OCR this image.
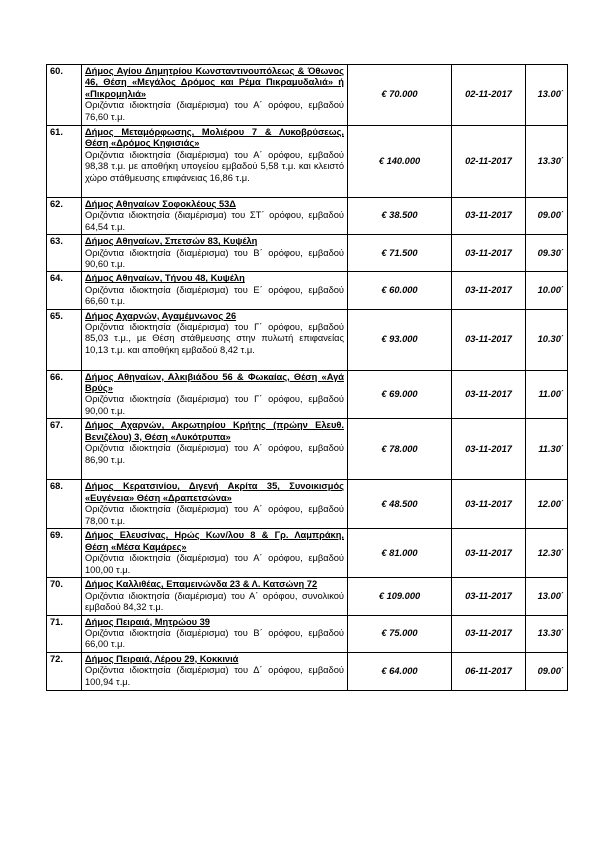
60.	Δήμος Αγίου Δημητρίου Κωνσταντινουπόλεως & Όθωνος 46, Θέση «Μεγάλος Δρόμος και Ρέμα Πικραμυδαλιά» ή «Πικρομηλιά»
Οριζόντια ιδιοκτησία (διαμέρισμα) του Α΄ ορόφου, εμβαδού 76,60 τ.μ.	€ 70.000	02-11-2017	13.00΄
61.	Δήμος Μεταμόρφωσης, Μολιέρου 7 & Λυκοβρύσεως, Θέση «Δρόμος Κηφισιάς»
Οριζόντια ιδιοκτησία (διαμέρισμα) του Α΄ ορόφου, εμβαδού 98,38 τ.μ. με αποθήκη υπογείου εμβαδού 5,58 τ.μ. και κλειστό χώρο στάθμευσης επιφάνειας 16,86 τ.μ.	€ 140.000	02-11-2017	13.30΄
62.	Δήμος Αθηναίων Σοφοκλέους 53Δ
Οριζόντια ιδιοκτησία (διαμέρισμα) του ΣΤ΄ ορόφου, εμβαδού 64,54 τ.μ.	€ 38.500	03-11-2017	09.00΄
63.	Δήμος Αθηναίων, Σπετσών 83, Κυψέλη
Οριζόντια ιδιοκτησία (διαμέρισμα) του Β΄ ορόφου, εμβαδού 90,60 τ.μ.	€ 71.500	03-11-2017	09.30΄
64.	Δήμος Αθηναίων, Τήνου 48, Κυψέλη
Οριζόντια ιδιοκτησία (διαμέρισμα) του Ε΄ ορόφου, εμβαδού 66,60 τ.μ.	€ 60.000	03-11-2017	10.00΄
65.	Δήμος Αχαρνών, Αγαμέμνωνος 26
Οριζόντια ιδιοκτησία (διαμέρισμα) του Γ΄ ορόφου, εμβαδού 85,03 τ.μ., με Θέση στάθμευσης στην πυλωτή επιφανείας 10,13 τ.μ. και αποθήκη εμβαδού 8,42 τ.μ.	€ 93.000	03-11-2017	10.30΄
66.	Δήμος Αθηναίων, Αλκιβιάδου 56 & Φωκαίας, Θέση «Αγά Βρύς»
Οριζόντια ιδιοκτησία (διαμέρισμα) του Γ΄ ορόφου, εμβαδού 90,00 τ.μ.	€ 69.000	03-11-2017	11.00΄
67.	Δήμος Αχαρνών, Ακρωτηρίου Κρήτης (πρώην Ελευθ. Βενιζέλου) 3, Θέση «Λυκότρυπα»
Οριζόντια ιδιοκτησία (διαμέρισμα) του Α΄ ορόφου, εμβαδού 86,90 τ.μ.	€ 78.000	03-11-2017	11.30΄
68.	Δήμος Κερατσινίου, Διγενή Ακρίτα 35, Συνοικισμός «Ευγένεια» Θέση «Δραπετσώνα»
Οριζόντια ιδιοκτησία (διαμέρισμα) του Α΄ ορόφου, εμβαδού 78,00 τ.μ.	€ 48.500	03-11-2017	12.00΄
69.	Δήμος Ελευσίνας, Ηρώς Κων/λου 8 & Γρ. Λαμπράκη, Θέση «Μέσα Καμάρες»
Οριζόντια ιδιοκτησία (διαμέρισμα) του Α΄ ορόφου, εμβαδού 100,00 τ.μ.	€ 81.000	03-11-2017	12.30΄
70.	Δήμος Καλλιθέας, Επαμεινώνδα 23 & Λ. Κατσώνη 72
Οριζόντια ιδιοκτησία (διαμέρισμα) του Α΄ ορόφου, συνολικού εμβαδού 84,32 τ.μ.	€ 109.000	03-11-2017	13.00΄
71.	Δήμος Πειραιά, Μητρώου 39
Οριζόντια ιδιοκτησία (διαμέρισμα) του Β΄ ορόφου, εμβαδού 66,00 τ.μ.	€ 75.000	03-11-2017	13.30΄
72.	Δήμος Πειραιά, Λέρου 29, Κοκκινιά
Οριζόντια ιδιοκτησία (διαμέρισμα) του Δ΄ ορόφου, εμβαδού 100,94 τ.μ.	€ 64.000	06-11-2017	09.00΄
